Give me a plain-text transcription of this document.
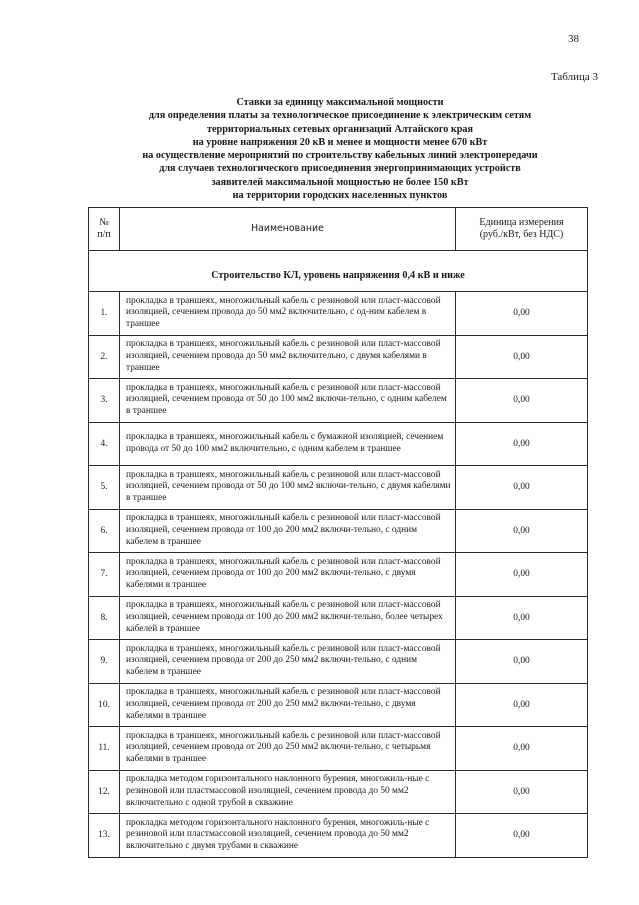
38
Таблица 3
Ставки за единицу максимальной мощности
для определения платы за технологическое присоединение к электрическим сетям
территориальных сетевых организаций Алтайского края
на уровне напряжения 20 кВ и менее и мощности менее 670 кВт
на осуществление мероприятий по строительству кабельных линий электропередачи
для случаев технологического присоединения энергопринимающих устройств
заявителей максимальной мощностью не более 150 кВт
на территории городских населенных пунктов
№
п/п	Наименование	Единица измерения
(руб./кВт, без НДС)

Строительство КЛ, уровень напряжения 0,4 кВ и ниже		

1.	прокладка в траншеях, многожильный кабель с резиновой или пласт-массовой изоляцией, сечением провода до 50 мм2 включительно, с од-ним кабелем в траншее	0,00
2.	прокладка в траншеях, многожильный кабель с резиновой или пласт-массовой изоляцией, сечением провода до 50 мм2 включительно, с двумя кабелями в траншее	0,00
3.	прокладка в траншеях, многожильный кабель с резиновой или пласт-массовой изоляцией, сечением провода от 50 до 100 мм2 включи-тельно, с одним кабелем в траншее	0,00
4.	прокладка в траншеях, многожильный кабель с бумажной изоляцией, сечением провода от 50 до 100 мм2 включительно, с одним кабелем в траншее	0,00
5.	прокладка в траншеях, многожильный кабель с резиновой или пласт-массовой изоляцией, сечением провода от 50 до 100 мм2 включи-тельно, с двумя кабелями в траншее	0,00
6.	прокладка в траншеях, многожильный кабель с резиновой или пласт-массовой изоляцией, сечением провода от 100 до 200 мм2 включи-тельно, с одним кабелем в траншее	0,00
7.	прокладка в траншеях, многожильный кабель с резиновой или пласт-массовой изоляцией, сечением провода от 100 до 200 мм2 включи-тельно, с двумя кабелями в траншее	0,00
8.	прокладка в траншеях, многожильный кабель с резиновой или пласт-массовой изоляцией, сечением провода от 100 до 200 мм2 включи-тельно, более четырех кабелей в траншее	0,00
9.	прокладка в траншеях, многожильный кабель с резиновой или пласт-массовой изоляцией, сечением провода от 200 до 250 мм2 включи-тельно, с одним кабелем в траншее	0,00
10.	прокладка в траншеях, многожильный кабель с резиновой или пласт-массовой изоляцией, сечением провода от 200 до 250 мм2 включи-тельно, с двумя кабелями в траншее	0,00
11.	прокладка в траншеях, многожильный кабель с резиновой или пласт-массовой изоляцией, сечением провода от 200 до 250 мм2 включи-тельно, с четырьмя кабелями в траншее	0,00
12.	прокладка методом горизонтального наклонного бурения, многожиль-ные с резиновой или пластмассовой изоляцией, сечением провода до 50 мм2 включительно с одной трубой в скважине	0,00
13.	прокладка методом горизонтального наклонного бурения, многожиль-ные с резиновой или пластмассовой изоляцией, сечением провода до 50 мм2 включительно с двумя трубами в скважине	0,00
